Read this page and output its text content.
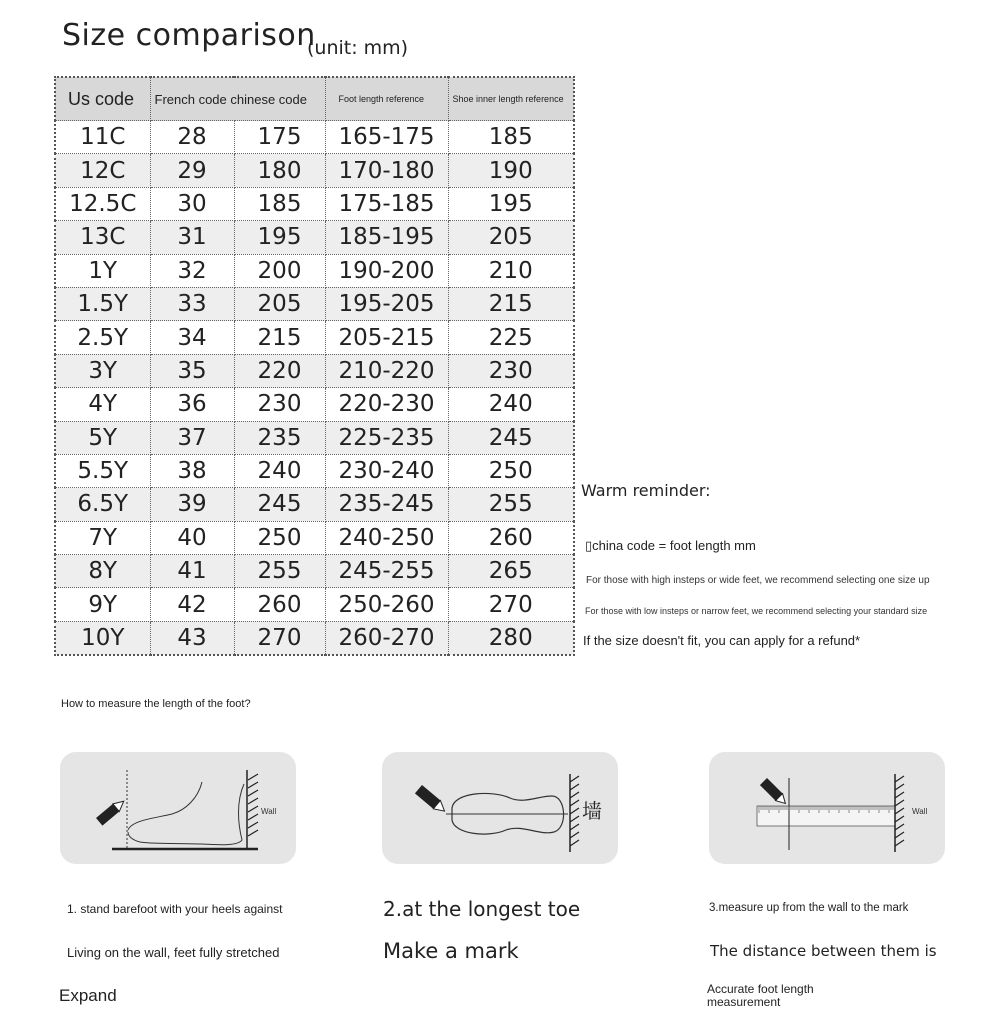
Size comparison
(unit: mm)
Us code	French code chinese code		Foot length reference	Shoe inner length reference
11C	28	175	165-175	185
12C	29	180	170-180	190
12.5C	30	185	175-185	195
13C	31	195	185-195	205
1Y	32	200	190-200	210
1.5Y	33	205	195-205	215
2.5Y	34	215	205-215	225
3Y	35	220	210-220	230
4Y	36	230	220-230	240
5Y	37	235	225-235	245
5.5Y	38	240	230-240	250
6.5Y	39	245	235-245	255
7Y	40	250	240-250	260
8Y	41	255	245-255	265
9Y	42	260	250-260	270
10Y	43	270	260-270	280
Warm reminder:
▯china code = foot length mm
For those with high insteps or wide feet, we recommend selecting one size up
For those with low insteps or narrow feet, we recommend selecting your standard size
If the size doesn't fit, you can apply for a refund*
How to measure the length of the foot?
Wall	墙	Wall
1. stand barefoot with your heels against
Living on the wall, feet fully stretched
Expand
2.at the longest toe
Make a mark
3.measure up from the wall to the mark
The distance between them is
Accurate foot length measurement
